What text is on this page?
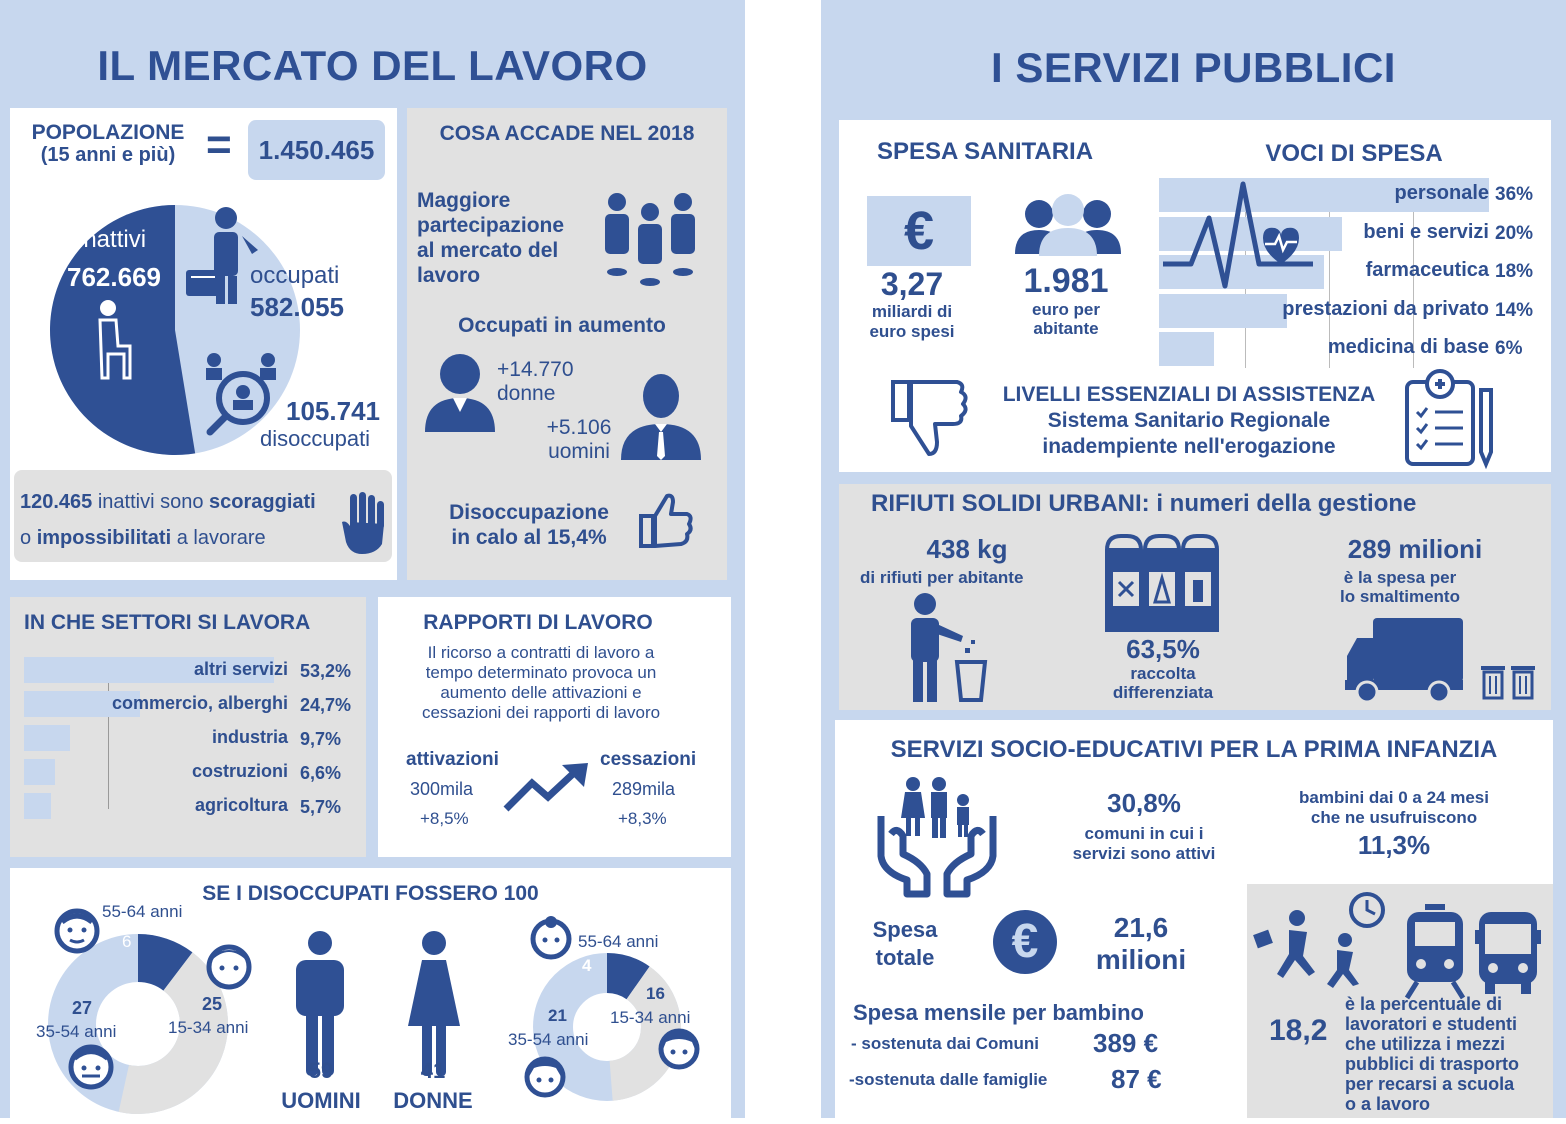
IL MERCATO DEL LAVORO
POPOLAZIONE
(15 anni e più) =	1.450.465
inattivi
762.669	occupati
582.055
105.741
disoccupati
120.465 inattivi sono scoraggiati
o impossibilitati a lavorare
COSA ACCADE NEL 2018
Maggiore
partecipazione
al mercato del
lavoro
Occupati in aumento
+14.770
donne
+5.106
uomini
Disoccupazione
in calo al 15,4%
IN CHE SETTORI SI LAVORA
altri servizi 53,2%
commercio, alberghi 24,7%
industria 9,7%
costruzioni 6,6%
agricoltura 5,7%
RAPPORTI DI LAVORO
Il ricorso a contratti di lavoro a
tempo determinato provoca un
aumento delle attivazioni e
cessazioni dei rapporti di lavoro
attivazioni
300mila
+8,5%
cessazioni
289mila
+8,3%
SE I DISOCCUPATI FOSSERO 100
6
55-64 anni
27
35-54 anni
25
15-34 anni
59
UOMINI
41
DONNE
4
55-64 anni
21
35-54 anni
16
15-34 anni
I SERVIZI PUBBLICI
SPESA SANITARIA
€
3,27
miliardi di
euro spesi
1.981
euro per
abitante
VOCI DI SPESA
personale 36%
beni e servizi 20%
farmaceutica 18%
prestazioni da privato 14%
medicina di base 6%
LIVELLI ESSENZIALI DI ASSISTENZA
Sistema Sanitario Regionale
inadempiente nell'erogazione
RIFIUTI SOLIDI URBANI: i numeri della gestione
438 kg
di rifiuti per abitante
63,5%
raccolta
differenziata
289 milioni
è la spesa per
lo smaltimento
SERVIZI SOCIO-EDUCATIVI PER LA PRIMA INFANZIA
30,8%
comuni in cui i
servizi sono attivi
bambini dai 0 a 24 mesi
che ne usufruiscono
11,3%
Spesa
totale	€	21,6
milioni
Spesa mensile per bambino
- sostenuta dai Comuni 389 €
-sostenuta dalle famiglie 87 €
18,2
è la percentuale di
lavoratori e studenti
che utilizza i mezzi
pubblici di trasporto
per recarsi a scuola
o a lavoro
